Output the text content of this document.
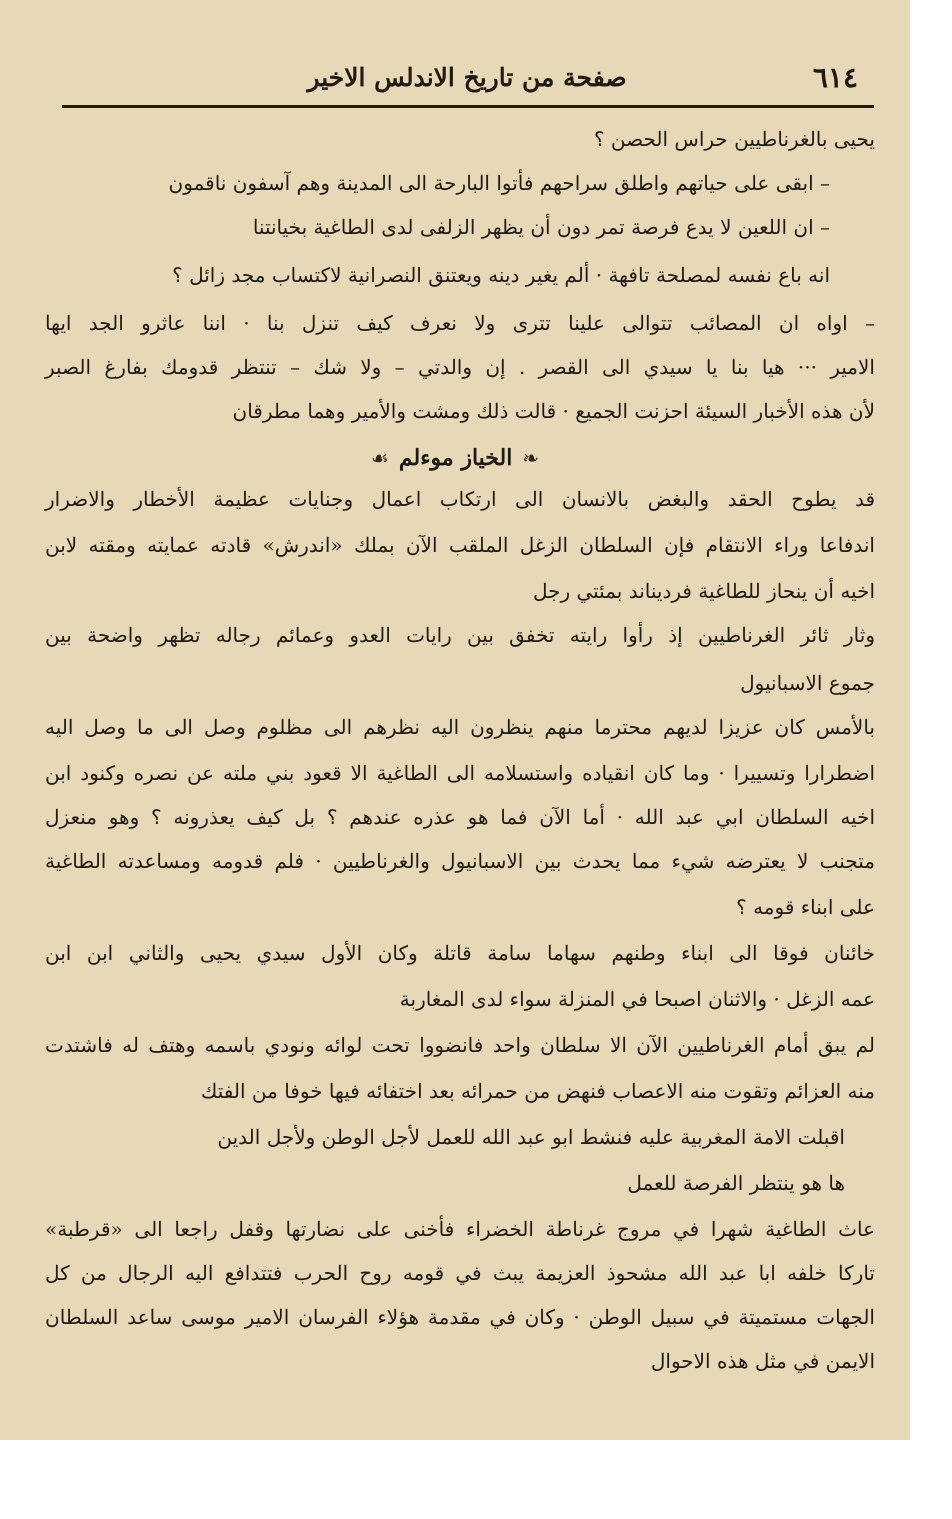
٦١٤
صفحة من تاريخ الاندلس الاخير
يحيى بالغرناطيين حراس الحصن ؟
– ابقى على حياتهم واطلق سراحهم فأتوا البارحة الى المدينة وهم آسفون ناقمون
– ان اللعين لا يدع فرصة تمر دون أن يظهر الزلفى لدى الطاغية بخيانتنا
انه باع نفسه لمصلحة تافهة · ألم يغير دينه ويعتنق النصرانية لاكتساب مجد زائل ؟
– اواه ان المصائب تتوالى علينا تترى ولا نعرف كيف تنزل بنا · اننا عاثرو الجد ايها
الامير ··· هيا بنا يا سيدي الى القصر . إن والدتي – ولا شك – تنتظر قدومك بفارغ الصبر
لأن هذه الأخبار السيئة احزنت الجميع · قالت ذلك ومشت والأمير وهما مطرقان
❧
الخياز موءلم
☙
قد يطوح الحقد والبغض بالانسان الى ارتكاب اعمال وجنايات عظيمة الأخطار والاضرار
اندفاعا وراء الانتقام فإن السلطان الزغل الملقب الآن بملك «اندرش» قادته عمايته ومقته لابن
اخيه أن ينحاز للطاغية فرديناند بمئتي رجل
وثار ثائر الغرناطيين إذ رأوا رايته تخفق بين رايات العدو وعمائم رجاله تظهر واضحة بين
جموع الاسبانيول
بالأمس كان عزيزا لديهم محترما منهم ينظرون اليه نظرهم الى مظلوم وصل الى ما وصل اليه
اضطرارا وتسييرا · وما كان انقياده واستسلامه الى الطاغية الا قعود بني ملته عن نصره وكنود ابن
اخيه السلطان ابي عبد الله · أما الآن فما هو عذره عندهم ؟ بل كيف يعذرونه ؟ وهو منعزل
متجنب لا يعترضه شيء مما يحدث بين الاسبانيول والغرناطيين · فلم قدومه ومساعدته الطاغية
على ابناء قومه ؟
خائنان فوقا الى ابناء وطنهم سهاما سامة قاتلة وكان الأول سيدي يحيى والثاني ابن ابن
عمه الزغل · والاثنان اصبحا في المنزلة سواء لدى المغاربة
لم يبق أمام الغرناطيين الآن الا سلطان واحد فانضووا تحت لوائه ونودي باسمه وهتف له فاشتدت
منه العزائم وتقوت منه الاعصاب فنهض من حمرائه بعد اختفائه فيها خوفا من الفتك
اقبلت الامة المغربية عليه فنشط ابو عبد الله للعمل لأجل الوطن ولأجل الدين
ها هو ينتظر الفرصة للعمل
عاث الطاغية شهرا في مروج غرناطة الخضراء فأخنى على نضارتها وقفل راجعا الى «قرطبة»
تاركا خلفه ابا عبد الله مشحوذ العزيمة يبث في قومه روح الحرب فتتدافع اليه الرجال من كل
الجهات مستميتة في سبيل الوطن · وكان في مقدمة هؤلاء الفرسان الامير موسى ساعد السلطان
الايمن في مثل هذه الاحوال
